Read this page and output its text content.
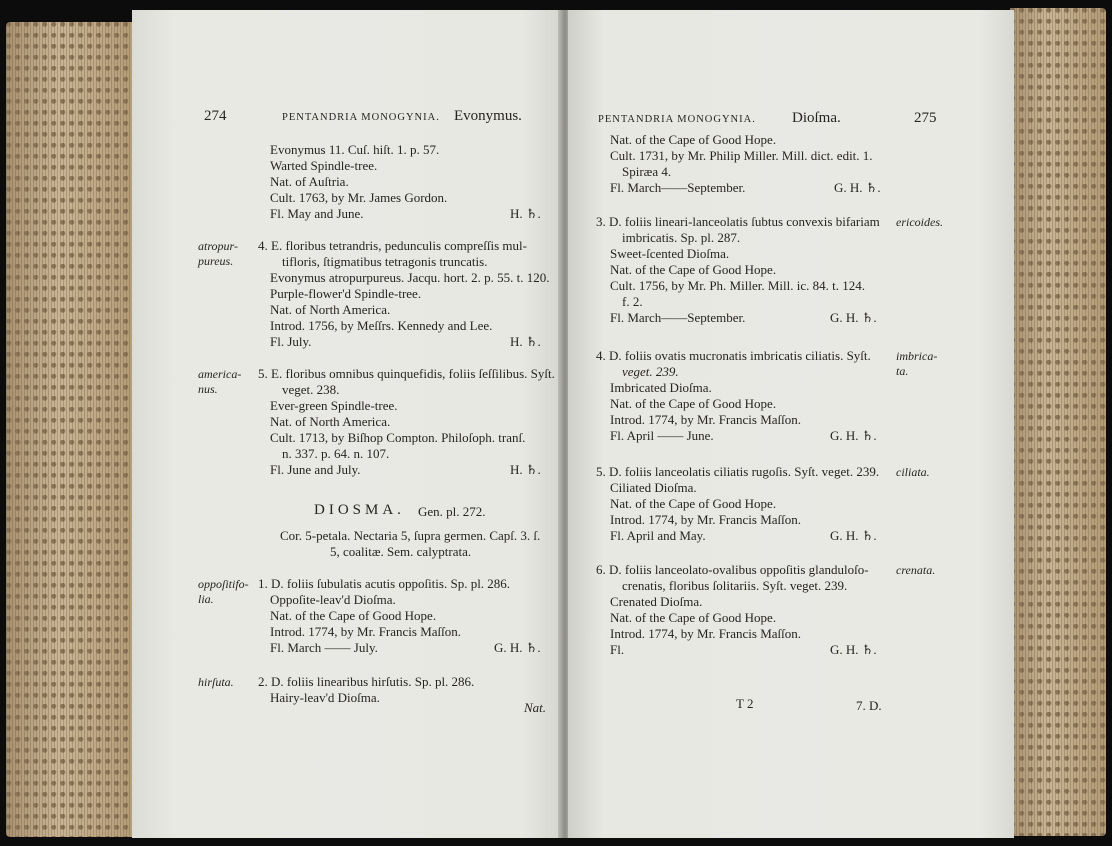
274	PENTANDRIA MONOGYNIA. Evonymus.
Evonymus 11. Cuſ. hiſt. 1. p. 57.
Warted Spindle-tree.
Nat. of Auſtria.
Cult. 1763, by Mr. James Gordon.
Fl. May and June.	H. ♄.
atropur-
pureus.
4. E. floribus tetrandris, pedunculis compreſſis mul-
tifloris, ſtigmatibus tetragonis truncatis.
Evonymus atropurpureus. Jacqu. hort. 2. p. 55. t. 120.
Purple-flower'd Spindle-tree.
Nat. of North America.
Introd. 1756, by Meſſrs. Kennedy and Lee.
Fl. July.	H. ♄.
america-
nus.
5. E. floribus omnibus quinquefidis, foliis ſeſſilibus. Syſt.
veget. 238.
Ever-green Spindle-tree.
Nat. of North America.
Cult. 1713, by Biſhop Compton. Philoſoph. tranſ.
n. 337. p. 64. n. 107.
Fl. June and July.	H. ♄.
DIOSMA. Gen. pl. 272.
Cor. 5-petala. Nectaria 5, ſupra germen. Capſ. 3. ſ.
5, coalitæ. Sem. calyptrata.
oppoſitifo-
lia.
1. D. foliis ſubulatis acutis oppoſitis. Sp. pl. 286.
Oppoſite-leav'd Dioſma.
Nat. of the Cape of Good Hope.
Introd. 1774, by Mr. Francis Maſſon.
Fl. March —— July.	G. H. ♄.
hirſuta. 2. D. foliis linearibus hirſutis. Sp. pl. 286.
Hairy-leav'd Dioſma.
Nat.
PENTANDRIA MONOGYNIA. Dioſma.	275
Nat. of the Cape of Good Hope.
Cult. 1731, by Mr. Philip Miller. Mill. dict. edit. 1.
Spiræa 4.
Fl. March——September.	G. H. ♄.
3. D. foliis lineari-lanceolatis ſubtus convexis bifariam ericoides.
imbricatis. Sp. pl. 287.
Sweet-ſcented Dioſma.
Nat. of the Cape of Good Hope.
Cult. 1756, by Mr. Ph. Miller. Mill. ic. 84. t. 124.
f. 2.
Fl. March——September.	G. H. ♄.
4. D. foliis ovatis mucronatis imbricatis ciliatis. Syſt. imbrica-
ta.
veget. 239.
Imbricated Dioſma.
Nat. of the Cape of Good Hope.
Introd. 1774, by Mr. Francis Maſſon.
Fl. April —— June.	G. H. ♄.
5. D. foliis lanceolatis ciliatis rugoſis. Syſt. veget. 239. ciliata.
Ciliated Dioſma.
Nat. of the Cape of Good Hope.
Introd. 1774, by Mr. Francis Maſſon.
Fl. April and May.	G. H. ♄.
6. D. foliis lanceolato-ovalibus oppoſitis glanduloſo- crenata.
crenatis, floribus ſolitariis. Syſt. veget. 239.
Crenated Dioſma.
Nat. of the Cape of Good Hope.
Introd. 1774, by Mr. Francis Maſſon.
Fl.	G. H. ♄.
T 2	7. D.
